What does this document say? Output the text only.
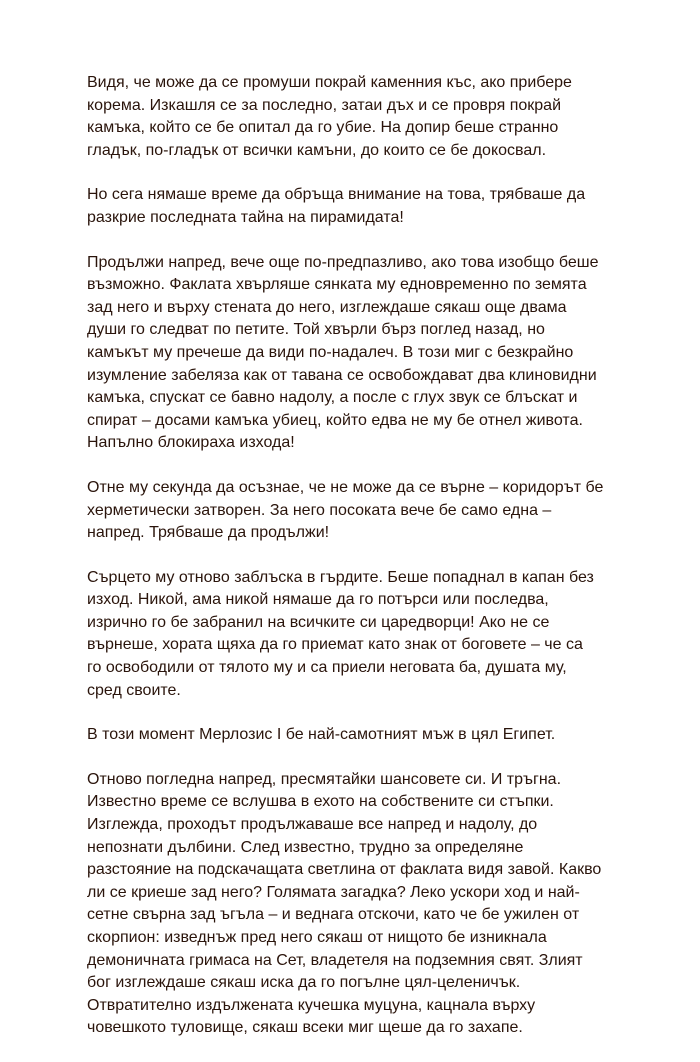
Видя, че може да се промуши покрай каменния къс, ако прибере
корема. Изкашля се за последно, затаи дъх и се провря покрай
камъка, който се бе опитал да го убие. На допир беше странно
гладък, по-гладък от всички камъни, до които се бе докосвал.

Но сега нямаше време да обръща внимание на това, трябваше да
разкрие последната тайна на пирамидата!

Продължи напред, вече още по-предпазливо, ако това изобщо беше
възможно. Факлата хвърляше сянката му едновременно по земята
зад него и върху стената до него, изглеждаше сякаш още двама
души го следват по петите. Той хвърли бърз поглед назад, но
камъкът му пречеше да види по-надалеч. В този миг с безкрайно
изумление забеляза как от тавана се освобождават два клиновидни
камъка, спускат се бавно надолу, а после с глух звук се блъскат и
спират – досами камъка убиец, който едва не му бе отнел живота.
Напълно блокираха изхода!

Отне му секунда да осъзнае, че не може да се върне – коридорът бе
херметически затворен. За него посоката вече бе само една –
напред. Трябваше да продължи!

Сърцето му отново заблъска в гърдите. Беше попаднал в капан без
изход. Никой, ама никой нямаше да го потърси или последва,
изрично го бе забранил на всичките си царедворци! Ако не се
върнеше, хората щяха да го приемат като знак от боговете – че са
го освободили от тялото му и са приели неговата ба, душата му,
сред своите.

В този момент Мерлозис I бе най-самотният мъж в цял Египет.

Отново погледна напред, пресмятайки шансовете си. И тръгна.
Известно време се вслушва в ехото на собствените си стъпки.
Изглежда, проходът продължаваше все напред и надолу, до
непознати дълбини. След известно, трудно за определяне
разстояние на подскачащата светлина от факлата видя завой. Какво
ли се криеше зад него? Голямата загадка? Леко ускори ход и най-
сетне свърна зад ъгъла – и веднага отскочи, като че бе ужилен от
скорпион: изведнъж пред него сякаш от нищото бе изникнала
демоничната гримаса на Сет, владетеля на подземния свят. Злият
бог изглеждаше сякаш иска да го погълне цял-целеничък.
Отвратително издължената кучешка муцуна, кацнала върху
човешкото туловище, сякаш всеки миг щеше да го захапе.
